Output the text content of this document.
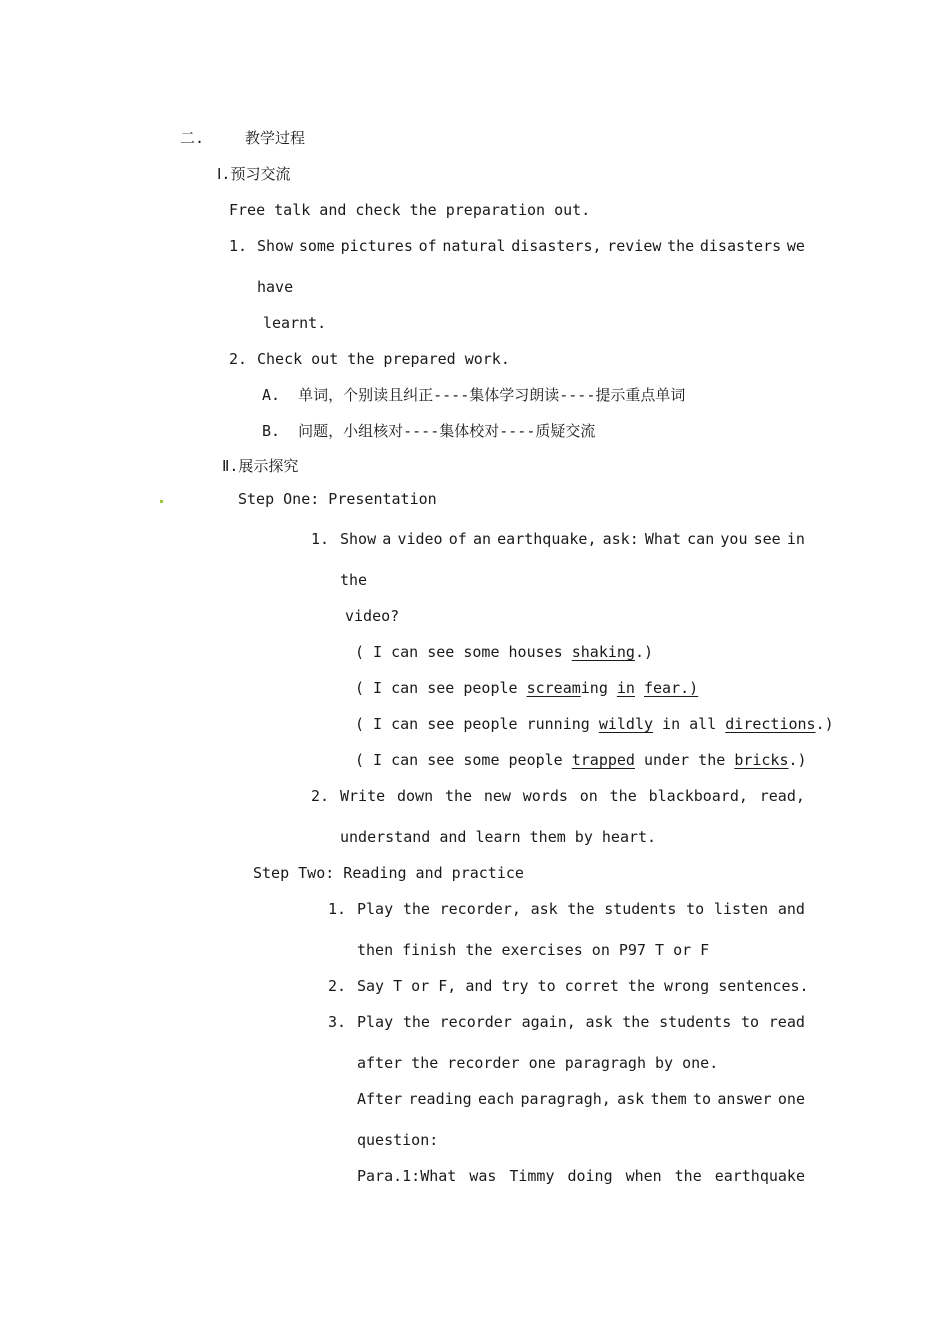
二.	教学过程
Ⅰ.预习交流
Free talk and check the preparation out.
1. Show some pictures of natural disasters, review the disasters we
have
learnt.
2. Check out the prepared work.
A.  单词，个别读且纠正----集体学习朗读----提示重点单词
B.  问题，小组核对----集体校对----质疑交流
Ⅱ.展示探究
Step One: Presentation
1. Show a video of an earthquake, ask: What can you see in
the
video?
( I can see some houses shaking.)
( I can see people screaming in fear.)
( I can see people running wildly in all directions.)
( I can see some people trapped under the bricks.)
2. Write down the new words on the blackboard, read,
understand and learn them by heart.
Step Two: Reading and practice
1. Play the recorder, ask the students to listen and
then finish the exercises on P97 T or F
2. Say T or F, and try to corret the wrong sentences.
3. Play the recorder again, ask the students to read
after the recorder one paragragh by one.
After reading each paragragh, ask them to answer one
question:
Para.1:What was Timmy doing when the earthquake
